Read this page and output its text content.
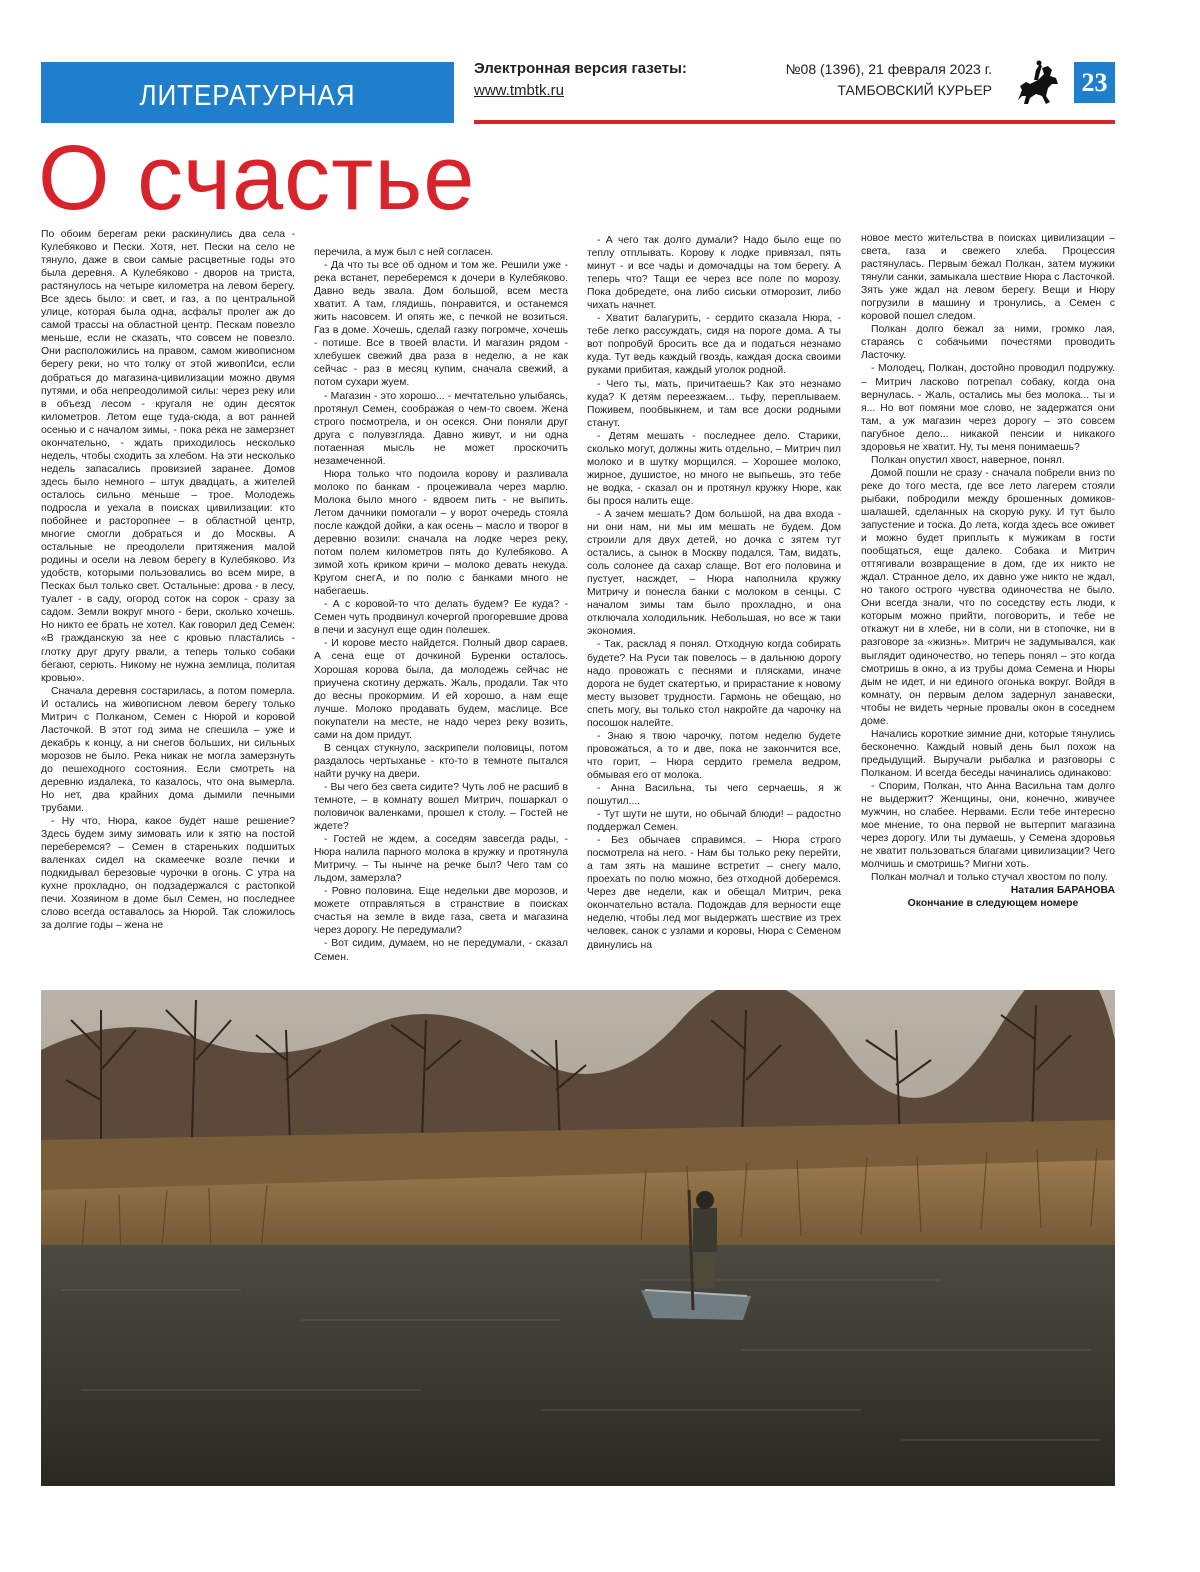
ЛИТЕРАТУРНАЯ
Электронная версия газеты:
www.tmbtk.ru
№08 (1396), 21 февраля 2023 г.
ТАМБОВСКИЙ КУРЬЕР	23
О счастье

По обоим берегам реки раскинулись два села - Кулебяково и Пески. Хотя, нет. Пески на село не тянуло, даже в свои самые расцветные годы это была деревня. А Кулебяково - дворов на триста, растянулось на четыре километра на левом берегу. Все здесь было: и свет, и газ, а по центральной улице, которая была одна, асфальт пролег аж до самой трассы на областной центр. Пескам повезло меньше, если не сказать, что совсем не повезло. Они расположились на правом, самом живописном берегу реки, но что толку от этой живопИси, если добраться до магазина-цивилизации можно двумя путями, и оба непреодолимой силы: через реку или в объезд лесом - кругаля не один десяток километров. Летом еще туда-сюда, а вот ранней осенью и с началом зимы, - пока река не замерзнет окончательно, - ждать приходилось несколько недель, чтобы сходить за хлебом. На эти несколько недель запасались провизией заранее. Домов здесь было немного – штук двадцать, а жителей осталось сильно меньше – трое. Молодежь подросла и уехала в поисках цивилизации: кто побойнее и расторопнее – в областной центр, многие смогли добраться и до Москвы. А остальные не преодолели притяжения малой родины и осели на левом берегу в Кулебяково. Из удобств, которыми пользовались во всем мире, в Песках был только свет. Остальные: дрова - в лесу, туалет - в саду, огород соток на сорок - сразу за садом. Земли вокруг много - бери, сколько хочешь. Но никто ее брать не хотел. Как говорил дед Семен: «В гражданскую за нее с кровью пластались - глотку друг другу рвали, а теперь только собаки бегают, серють. Никому не нужна землица, политая кровью».

Сначала деревня состарилась, а потом померла. И остались на живописном левом берегу только Митрич с Полканом, Семен с Нюрой и коровой Ласточкой. В этот год зима не спешила – уже и декабрь к концу, а ни снегов больших, ни сильных морозов не было. Река никак не могла замерзнуть до пешеходного состояния. Если смотреть на деревню издалека, то казалось, что она вымерла. Но нет, два крайних дома дымили печными трубами.

- Ну что, Нюра, какое будет наше решение? Здесь будем зиму зимовать или к зятю на постой переберемся? – Семен в стареньких подшитых валенках сидел на скамеечке возле печки и подкидывал березовые чурочки в огонь. С утра на кухне прохладно, он подзадержался с растопкой печи. Хозяином в доме был Семен, но последнее слово всегда оставалось за Нюрой. Так сложилось за долгие годы – жена не

перечила, а муж был с ней согласен.

- Да что ты все об одном и том же. Решили уже - река встанет, переберемся к дочери в Кулебяково. Давно ведь звала. Дом большой, всем места хватит. А там, глядишь, понравится, и останемся жить насовсем. И опять же, с печкой не возиться. Газ в доме. Хочешь, сделай газку погромче, хочешь - потише. Все в твоей власти. И магазин рядом - хлебушек свежий два раза в неделю, а не как сейчас - раз в месяц купим, сначала свежий, а потом сухари жуем.

- Магазин - это хорошо... - мечтательно улыбаясь, протянул Семен, соображая о чем-то своем. Жена строго посмотрела, и он осекся. Они поняли друг друга с полувзгляда. Давно живут, и ни одна потаенная мысль не может проскочить незамеченной.

Нюра только что подоила корову и разливала молоко по банкам - процеживала через марлю. Молока было много - вдвоем пить - не выпить. Летом дачники помогали – у ворот очередь стояла после каждой дойки, а как осень – масло и творог в деревню возили: сначала на лодке через реку, потом полем километров пять до Кулебяково. А зимой хоть криком кричи – молоко девать некуда. Кругом снегА, и по полю с банками много не набегаешь.

- А с коровой-то что делать будем? Ее куда? - Семен чуть продвинул кочергой прогоревшие дрова в печи и засунул еще один полешек.

- И корове место найдется. Полный двор сараев. А сена еще от дочкиной Буренки осталось. Хорошая корова была, да молодежь сейчас не приучена скотину держать. Жаль, продали. Так что до весны прокормим. И ей хорошо, а нам еще лучше. Молоко продавать будем, маслице. Все покупатели на месте, не надо через реку возить, сами на дом придут.

В сенцах стукнуло, заскрипели половицы, потом раздалось чертыханье - кто-то в темноте пытался найти ручку на двери.

- Вы чего без света сидите? Чуть лоб не расшиб в темноте, – в комнату вошел Митрич, пошаркал о половичок валенками, прошел к столу. – Гостей не ждете?

- Гостей не ждем, а соседям завсегда рады, - Нюра налила парного молока в кружку и протянула Митричу. – Ты нынче на речке был? Чего там со льдом, замерзла?

- Ровно половина. Еще недельки две морозов, и можете отправляться в странствие в поисках счастья на земле в виде газа, света и магазина через дорогу. Не передумали?

- Вот сидим, думаем, но не передумали, - сказал Семен.

- А чего так долго думали? Надо было еще по теплу отплывать. Корову к лодке привязал, пять минут - и все чады и домочадцы на том берегу. А теперь что? Тащи ее через все поле по морозу. Пока добредете, она либо сиськи отморозит, либо чихать начнет.

- Хватит балагурить, - сердито сказала Нюра, - тебе легко рассуждать, сидя на пороге дома. А ты вот попробуй бросить все да и податься незнамо куда. Тут ведь каждый гвоздь, каждая доска своими руками прибитая, каждый уголок родной.

- Чего ты, мать, причитаешь? Как это незнамо куда? К детям переезжаем... тьфу, переплываем. Поживем, пообвыкнем, и там все доски родными станут.

- Детям мешать - последнее дело. Старики, сколько могут, должны жить отдельно, – Митрич пил молоко и в шутку морщился. – Хорошее молоко, жирное, душистое, но много не выпьешь, это тебе не водка, - сказал он и протянул кружку Нюре, как бы прося налить еще.

- А зачем мешать? Дом большой, на два входа - ни они нам, ни мы им мешать не будем. Дом строили для двух детей, но дочка с зятем тут остались, а сынок в Москву подался. Там, видать, соль солонее да сахар слаще. Вот его половина и пустует, насждет, – Нюра наполнила кружку Митричу и понесла банки с молоком в сенцы. С началом зимы там было прохладно, и она отключала холодильник. Небольшая, но все ж таки экономия.

- Так, расклад я понял. Отходную когда собирать будете? На Руси так повелось – в дальнюю дорогу надо провожать с песнями и плясками, иначе дорога не будет скатертью, и прирастание к новому месту вызовет трудности. Гармонь не обещаю, но спеть могу, вы только стол накройте да чарочку на посошок налейте.

- Знаю я твою чарочку, потом неделю будете провожаться, а то и две, пока не закончится все, что горит, – Нюра сердито гремела ведром, обмывая его от молока.

- Анна Васильна, ты чего серчаешь, я ж пошутил....

- Тут шути не шути, но обычай блюди! – радостно поддержал Семен.

- Без обычаев справимся. – Нюра строго посмотрела на него. - Нам бы только реку перейти, а там зять на машине встретит – снегу мало, проехать по полю можно, без отходной доберемся. Через две недели, как и обещал Митрич, река окончательно встала. Подождав для верности еще неделю, чтобы лед мог выдержать шествие из трех человек, санок с узлами и коровы, Нюра с Семеном двинулись на

новое место жительства в поисках цивилизации – света, газа и свежего хлеба. Процессия растянулась. Первым бежал Полкан, затем мужики тянули санки, замыкала шествие Нюра с Ласточкой. Зять уже ждал на левом берегу. Вещи и Нюру погрузили в машину и тронулись, а Семен с коровой пошел следом.

Полкан долго бежал за ними, громко лая, стараясь с собачьими почестями проводить Ласточку.

- Молодец, Полкан, достойно проводил подружку. – Митрич ласково потрепал собаку, когда она вернулась. - Жаль, остались мы без молока... ты и я... Но вот помяни мое слово, не задержатся они там, а уж магазин через дорогу – это совсем пагубное дело... никакой пенсии и никакого здоровья не хватит. Ну, ты меня понимаешь?

Полкан опустил хвост, наверное, понял.

Домой пошли не сразу - сначала побрели вниз по реке до того места, где все лето лагерем стояли рыбаки, побродили между брошенных домиков-шалашей, сделанных на скорую руку. И тут было запустение и тоска. До лета, когда здесь все оживет и можно будет приплыть к мужикам в гости пообщаться, еще далеко. Собака и Митрич оттягивали возвращение в дом, где их никто не ждал. Странное дело, их давно уже никто не ждал, но такого острого чувства одиночества не было. Они всегда знали, что по соседству есть люди, к которым можно прийти, поговорить, и тебе не откажут ни в хлебе, ни в соли, ни в стопочке, ни в разговоре за «жизнь». Митрич не задумывался, как выглядит одиночество, но теперь понял – это когда смотришь в окно, а из трубы дома Семена и Нюры дым не идет, и ни единого огонька вокруг. Войдя в комнату, он первым делом задернул занавески, чтобы не видеть черные провалы окон в соседнем доме.

Начались короткие зимние дни, которые тянулись бесконечно. Каждый новый день был похож на предыдущий. Выручали рыбалка и разговоры с Полканом. И всегда беседы начинались одинаково:

- Спорим, Полкан, что Анна Васильна там долго не выдержит? Женщины, они, конечно, живучее мужчин, но слабее. Нервами. Если тебе интересно мое мнение, то она первой не вытерпит магазина через дорогу. Или ты думаешь, у Семена здоровья не хватит пользоваться благами цивилизации? Чего молчишь и смотришь? Мигни хоть.

Полкан молчал и только стучал хвостом по полу.

Наталия БАРАНОВА

Окончание в следующем номере
